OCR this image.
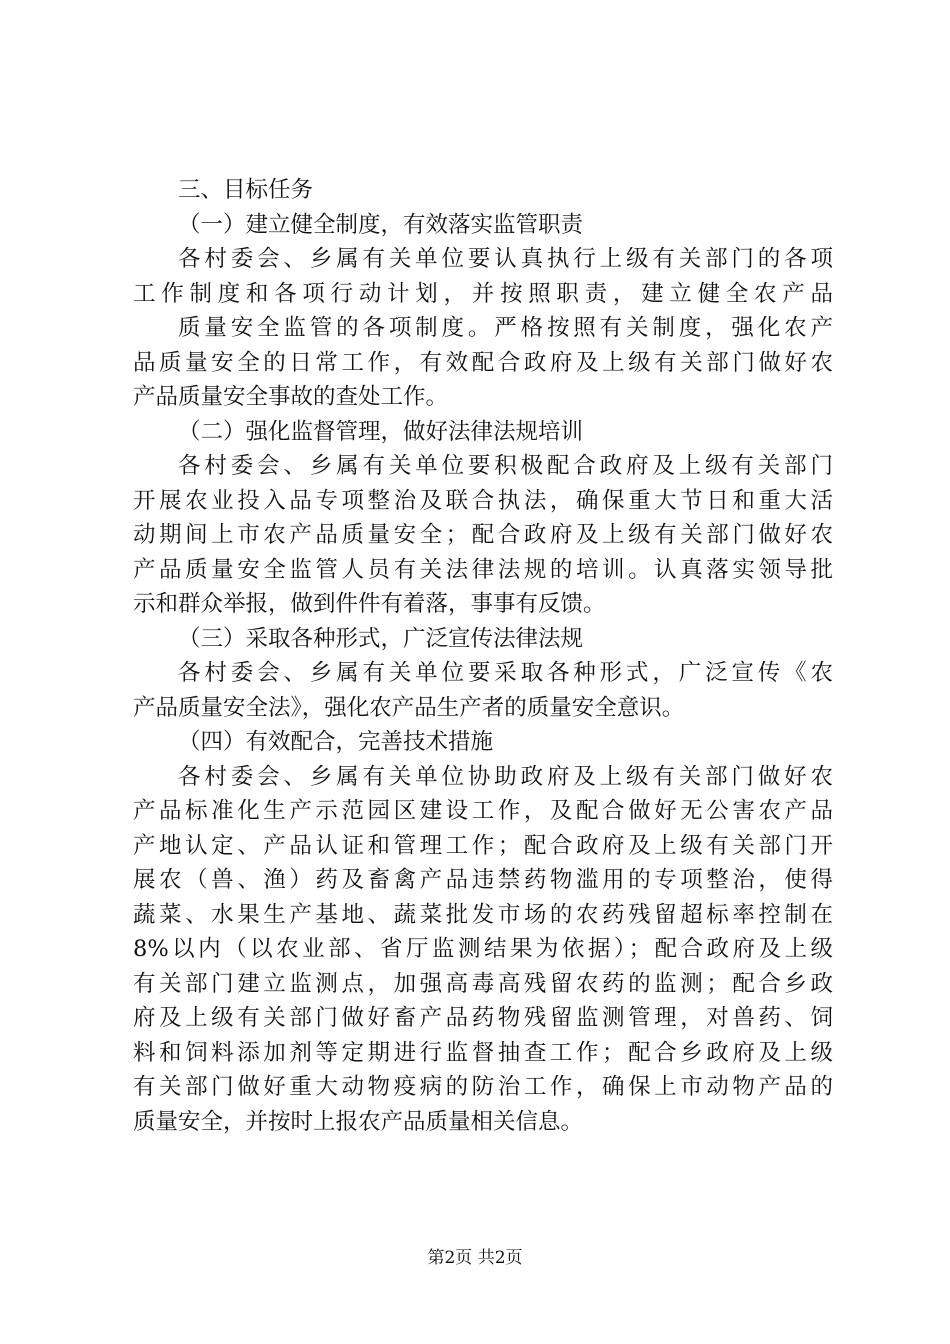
三、目标任务
（一）建立健全制度，有效落实监管职责
各村委会、乡属有关单位要认真执行上级有关部门的各项
工作制度和各项行动计划，并按照职责，建立健全农产品
质量安全监管的各项制度。严格按照有关制度，强化农产
品质量安全的日常工作，有效配合政府及上级有关部门做好农
产品质量安全事故的查处工作。
（二）强化监督管理，做好法律法规培训
各村委会、乡属有关单位要积极配合政府及上级有关部门
开展农业投入品专项整治及联合执法，确保重大节日和重大活
动期间上市农产品质量安全；配合政府及上级有关部门做好农
产品质量安全监管人员有关法律法规的培训。认真落实领导批
示和群众举报，做到件件有着落，事事有反馈。
（三）采取各种形式，广泛宣传法律法规
各村委会、乡属有关单位要采取各种形式，广泛宣传《农
产品质量安全法》，强化农产品生产者的质量安全意识。
（四）有效配合，完善技术措施
各村委会、乡属有关单位协助政府及上级有关部门做好农
产品标准化生产示范园区建设工作，及配合做好无公害农产品
产地认定、产品认证和管理工作；配合政府及上级有关部门开
展农（兽、渔）药及畜禽产品违禁药物滥用的专项整治，使得
蔬菜、水果生产基地、蔬菜批发市场的农药残留超标率控制在
8%以内（以农业部、省厅监测结果为依据）；配合政府及上级
有关部门建立监测点，加强高毒高残留农药的监测；配合乡政
府及上级有关部门做好畜产品药物残留监测管理，对兽药、饲
料和饲料添加剂等定期进行监督抽查工作；配合乡政府及上级
有关部门做好重大动物疫病的防治工作，确保上市动物产品的
质量安全，并按时上报农产品质量相关信息。
第2页 共2页
